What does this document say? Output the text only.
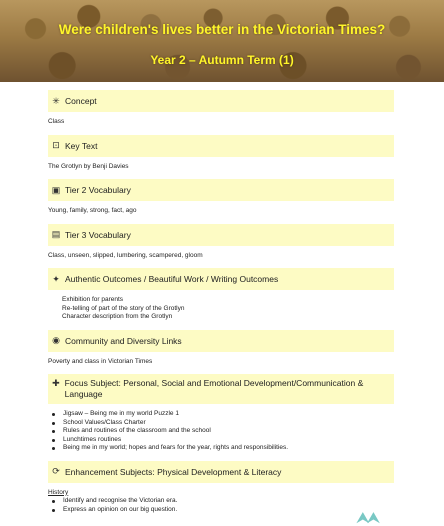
Were children's lives better in the Victorian Times?
Year 2 – Autumn Term (1)
✳ Concept
Class
⊡ Key Text
The Grotlyn by Benji Davies
▣ Tier 2 Vocabulary
Young, family, strong, fact, ago
▤ Tier 3 Vocabulary
Class, unseen, slipped, lumbering, scampered, gloom
✦ Authentic Outcomes / Beautiful Work / Writing Outcomes
Exhibition for parents
Re-telling of part of the story of the Grotlyn
Character description from the Grotlyn
◉ Community and Diversity Links
Poverty and class in Victorian Times
✚ Focus Subject: Personal, Social and Emotional Development/Communication & Language
Jigsaw – Being me in my world Puzzle 1
School Values/Class Charter
Rules and routines of the classroom and the school
Lunchtimes routines
Being me in my world; hopes and fears for the year, rights and responsibilities.
⟳ Enhancement Subjects: Physical Development & Literacy
History
Identify and recognise the Victorian era.
Express an opinion on our big question.
⮝⮝
